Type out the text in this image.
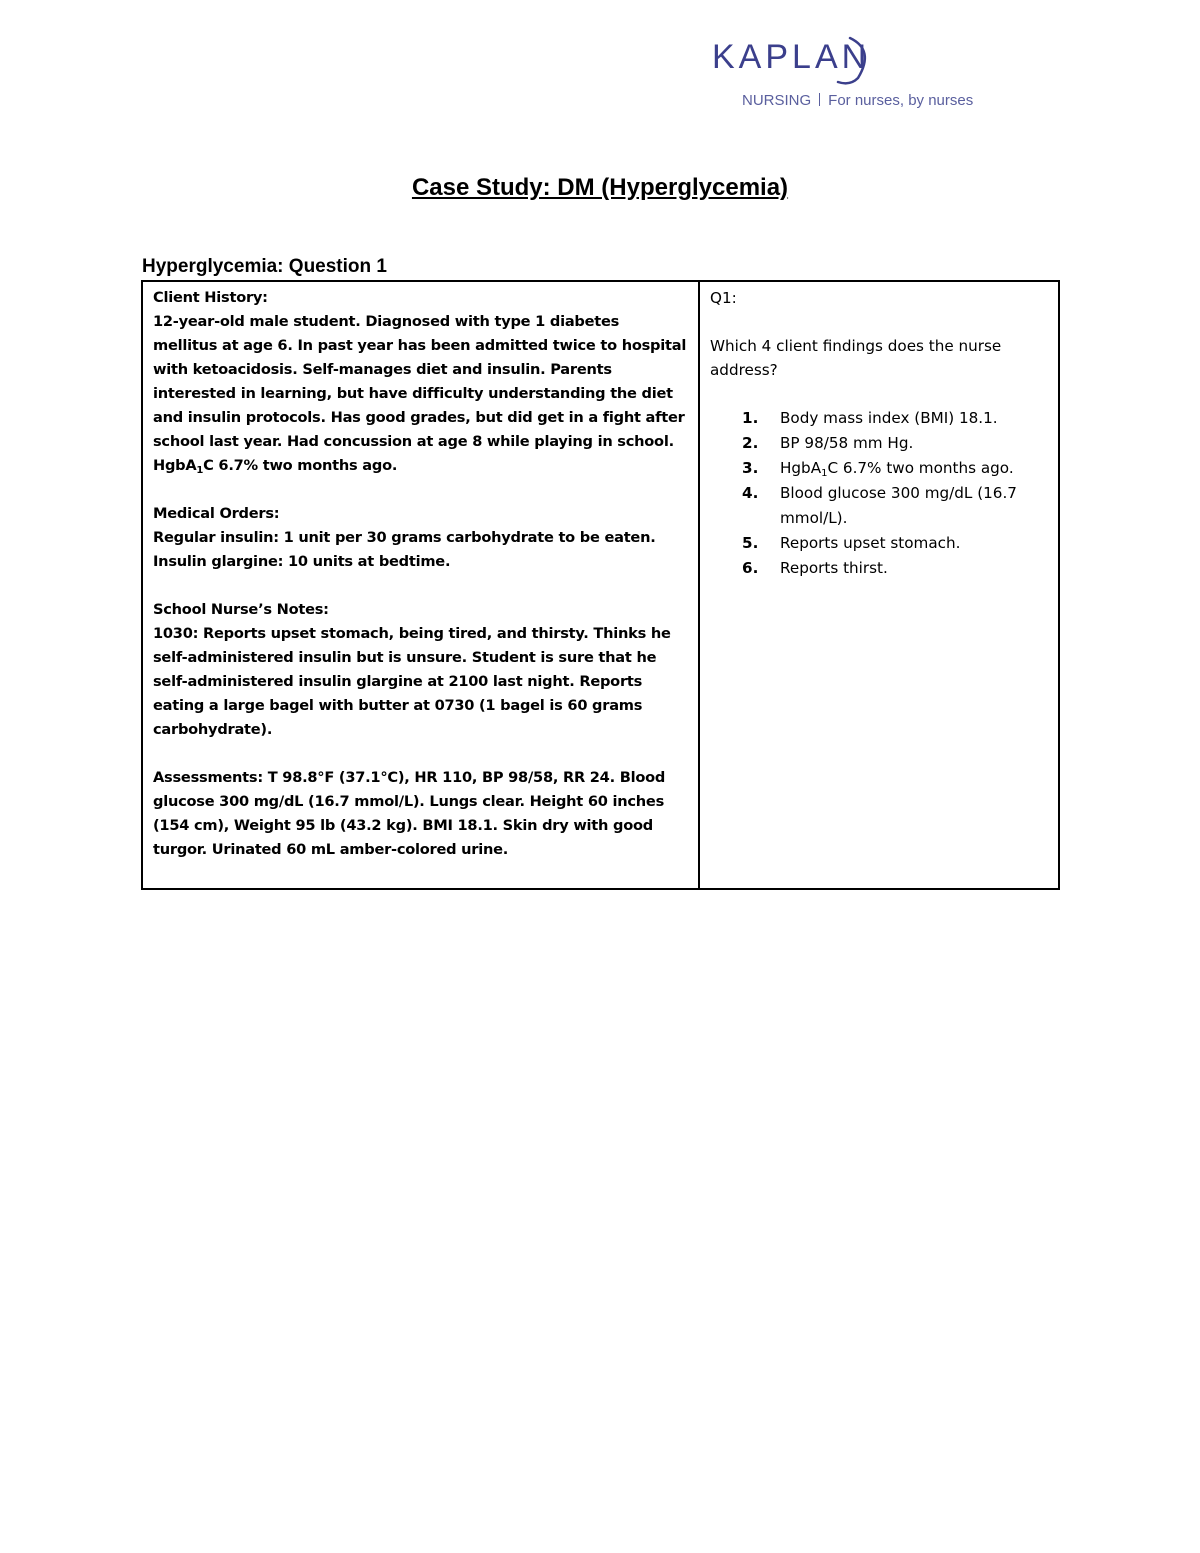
KAPLAN
NURSING For nurses, by nurses
Case Study: DM (Hyperglycemia)
Hyperglycemia: Question 1
Client History:
12-year-old male student. Diagnosed with type 1 diabetes mellitus at age 6. In past year has been admitted twice to hospital with ketoacidosis. Self-manages diet and insulin. Parents interested in learning, but have difficulty understanding the diet and insulin protocols. Has good grades, but did get in a fight after school last year. Had concussion at age 8 while playing in school. HgbA$_1$C 6.7% two months ago.
Medical Orders:
Regular insulin: 1 unit per 30 grams carbohydrate to be eaten.
Insulin glargine: 10 units at bedtime.
School Nurse’s Notes:
1030: Reports upset stomach, being tired, and thirsty. Thinks he self-administered insulin but is unsure. Student is sure that he self-administered insulin glargine at 2100 last night. Reports eating a large bagel with butter at 0730 (1 bagel is 60 grams carbohydrate).
Assessments: T 98.8°F (37.1°C), HR 110, BP 98/58, RR 24. Blood glucose 300 mg/dL (16.7 mmol/L). Lungs clear. Height 60 inches (154 cm), Weight 95 lb (43.2 kg). BMI 18.1. Skin dry with good turgor. Urinated 60 mL amber-colored urine.

Q1:
Which 4 client findings does the nurse address?
1.	Body mass index (BMI) 18.1.
2.	BP 98/58 mm Hg.
3.	HgbA$_1$C 6.7% two months ago.
4.	Blood glucose 300 mg/dL (16.7 mmol/L).
5.	Reports upset stomach.
6.	Reports thirst.
